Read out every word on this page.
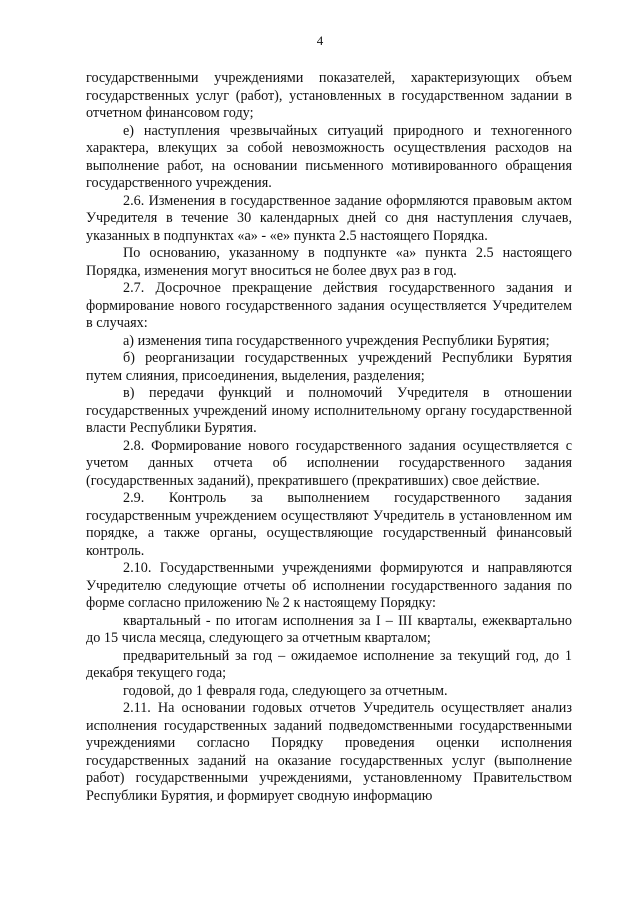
4

государственными учреждениями показателей, характеризующих объем государственных услуг (работ), установленных в государственном задании в отчетном финансовом году;

е) наступления чрезвычайных ситуаций природного и техногенного характера, влекущих за собой невозможность осуществления расходов на выполнение работ, на основании письменного мотивированного обращения государственного учреждения.

2.6. Изменения в государственное задание оформляются правовым актом Учредителя в течение 30 календарных дней со дня наступления случаев, указанных в подпунктах «а» - «е» пункта 2.5 настоящего Порядка.

По основанию, указанному в подпункте «а» пункта 2.5 настоящего Порядка, изменения могут вноситься не более двух раз в год.

2.7. Досрочное прекращение действия государственного задания и формирование нового государственного задания осуществляется Учредителем в случаях:

а) изменения типа государственного учреждения Республики Бурятия;

б) реорганизации государственных учреждений Республики Бурятия путем слияния, присоединения, выделения, разделения;

в) передачи функций и полномочий Учредителя в отношении государственных учреждений иному исполнительному органу государственной власти Республики Бурятия.

2.8. Формирование нового государственного задания осуществляется с учетом данных отчета об исполнении государственного задания (государственных заданий), прекратившего (прекративших) свое действие.

2.9. Контроль за выполнением государственного задания государственным учреждением осуществляют Учредитель в установленном им порядке, а также органы, осуществляющие государственный финансовый контроль.

2.10. Государственными учреждениями формируются и направляются Учредителю следующие отчеты об исполнении государственного задания по форме согласно приложению № 2 к настоящему Порядку:

квартальный - по итогам исполнения за I – III кварталы, ежеквартально до 15 числа месяца, следующего за отчетным кварталом;

предварительный за год – ожидаемое исполнение за текущий год, до 1 декабря текущего года;

годовой, до 1 февраля года, следующего за отчетным.

2.11. На основании годовых отчетов Учредитель осуществляет анализ исполнения государственных заданий подведомственными государственными учреждениями согласно Порядку проведения оценки исполнения государственных заданий на оказание государственных услуг (выполнение работ) государственными учреждениями, установленному Правительством Республики Бурятия, и формирует сводную информацию
